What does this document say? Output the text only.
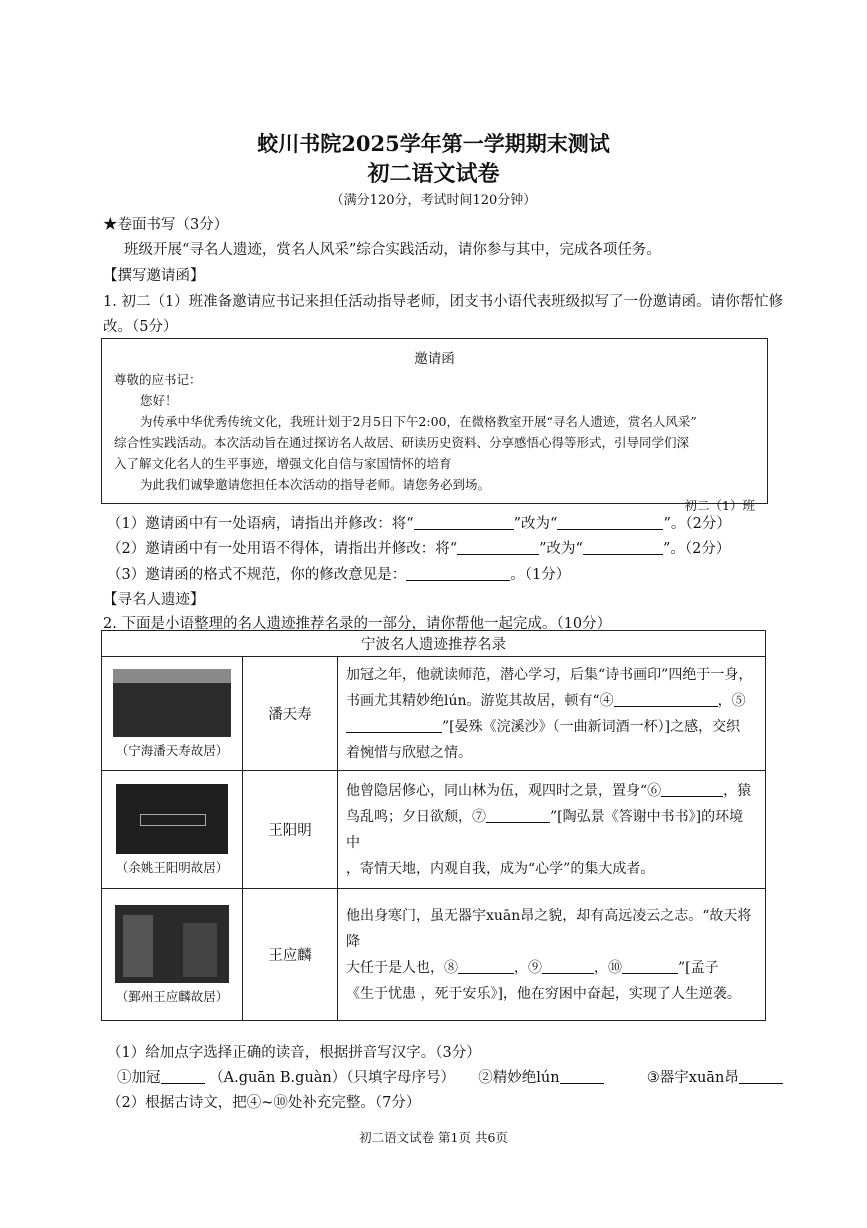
蛟川书院2025学年第一学期期末测试
初二语文试卷
（满分120分，考试时间120分钟）
★卷面书写（3分）
班级开展“寻名人遗迹，赏名人风采”综合实践活动，请你参与其中，完成各项任务。
【撰写邀请函】
1. 初二（1）班准备邀请应书记来担任活动指导老师，团支书小语代表班级拟写了一份邀请函。请你帮忙修
改。（5分）
邀请函
尊敬的应书记：
您好！
为传承中华优秀传统文化，我班计划于2月5日下午2:00，在微格教室开展“寻名人遗迹，赏名人风采”
综合性实践活动。本次活动旨在通过探访名人故居、研读历史资料、分享感悟心得等形式，引导同学们深
入了解文化名人的生平事迹，增强文化自信与家国情怀的培育
为此我们诚挚邀请您担任本次活动的指导老师。请您务必到场。
初二（1）班
（1）邀请函中有一处语病，请指出并修改：将“	”改为“	”。（2分）
（2）邀请函中有一处用语不得体，请指出并修改：将“	”改为“	”。（2分）
（3）邀请函的格式不规范，你的修改意见是：	。（1分）
【寻名人遗迹】
2. 下面是小语整理的名人遗迹推荐名录的一部分，请你帮他一起完成。（10分）
宁波名人遗迹推荐名录		

（宁海潘天寿故居）	潘天寿	加冠之年，他就读师范，潜心学习，后集“诗书画印”四绝于一身，
书画尤其精妙绝lún。游览其故居，顿有“④ ，⑤
”[晏殊《浣溪沙》（一曲新词酒一杯）]之感，交织
着惋惜与欣慰之情。

（余姚王阳明故居）	王阳明	他曾隐居修心，同山林为伍，观四时之景，置身“⑥ ，猿
鸟乱鸣；夕日欲颓，⑦ ”[陶弘景《答谢中书书》]的环境中
，寄情天地，内观自我，成为“心学”的集大成者。

（鄞州王应麟故居）	王应麟	他出身寒门，虽无器宇xuān昂之貌，却有高远凌云之志。“故天将降
大任于是人也，⑧ ，⑨ ，⑩ ”[孟子
《生于忧患 ，死于安乐》]，他在穷困中奋起，实现了人生逆袭。
（1）给加点字选择正确的读音，根据拼音写汉字。（3分）
①加冠	（A.guān B.guàn）（只填字母序号） ②精妙绝lún	③器宇xuān昂
（2）根据古诗文，把④~⑩处补充完整。（7分）
初二语文试卷 第1页 共6页
